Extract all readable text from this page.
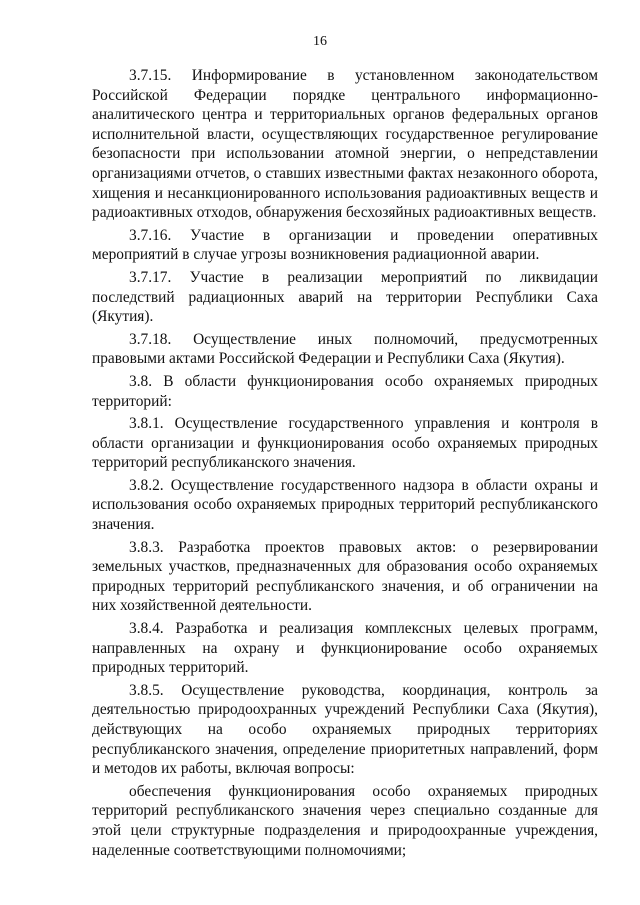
16

3.7.15. Информирование в установленном законодательством Российской Федерации порядке центрального информационно-аналитического центра и территориальных органов федеральных органов исполнительной власти, осуществляющих государственное регулирование безопасности при использовании атомной энергии, о непредставлении организациями отчетов, о ставших известными фактах незаконного оборота, хищения и несанкционированного использования радиоактивных веществ и радиоактивных отходов, обнаружения бесхозяйных радиоактивных веществ.

3.7.16. Участие в организации и проведении оперативных мероприятий в случае угрозы возникновения радиационной аварии.

3.7.17. Участие в реализации мероприятий по ликвидации последствий радиационных аварий на территории Республики Саха (Якутия).

3.7.18. Осуществление иных полномочий, предусмотренных правовыми актами Российской Федерации и Республики Саха (Якутия).

3.8. В области функционирования особо охраняемых природных территорий:

3.8.1. Осуществление государственного управления и контроля в области организации и функционирования особо охраняемых природных территорий республиканского значения.

3.8.2. Осуществление государственного надзора в области охраны и использования особо охраняемых природных территорий республиканского значения.

3.8.3. Разработка проектов правовых актов: о резервировании земельных участков, предназначенных для образования особо охраняемых природных территорий республиканского значения, и об ограничении на них хозяйственной деятельности.

3.8.4. Разработка и реализация комплексных целевых программ, направленных на охрану и функционирование особо охраняемых природных территорий.

3.8.5. Осуществление руководства, координация, контроль за деятельностью природоохранных учреждений Республики Саха (Якутия), действующих на особо охраняемых природных территориях республиканского значения, определение приоритетных направлений, форм и методов их работы, включая вопросы:

обеспечения функционирования особо охраняемых природных территорий республиканского значения через специально созданные для этой цели структурные подразделения и природоохранные учреждения, наделенные соответствующими полномочиями;
